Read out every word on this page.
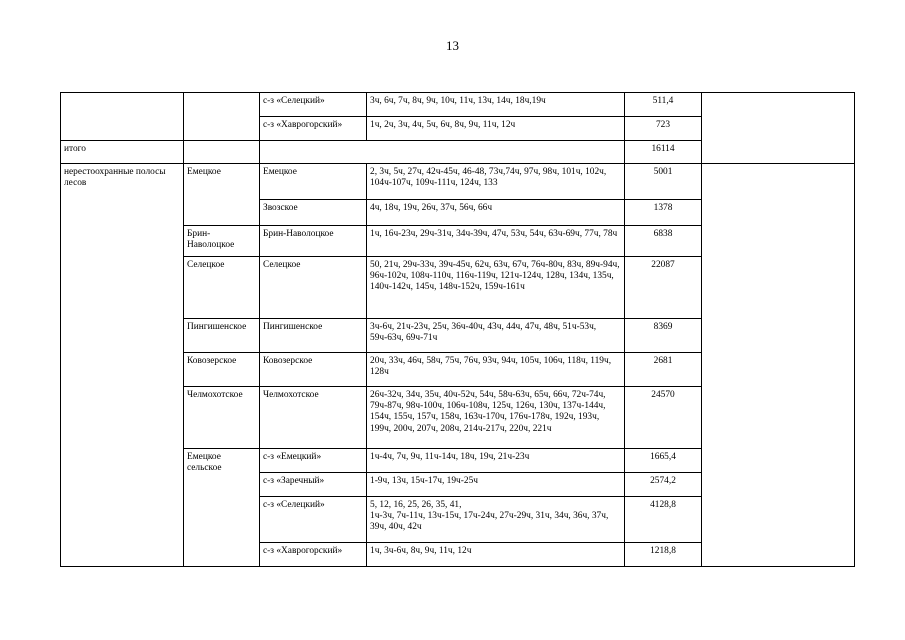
13
		с-з «Селецкий»	3ч, 6ч, 7ч, 8ч, 9ч, 10ч, 11ч, 13ч, 14ч, 18ч,19ч	511,4	
		с-з «Хаврогорский»	1ч, 2ч, 3ч, 4ч, 5ч, 6ч, 8ч, 9ч, 11ч, 12ч	723	
итого				16114	
нерестоохранные полосы лесов	Емецкое	Емецкое	2, 3ч, 5ч, 27ч, 42ч-45ч, 46-48, 73ч,74ч, 97ч, 98ч, 101ч, 102ч, 104ч-107ч, 109ч-111ч, 124ч, 133	5001	
		Звозское	4ч, 18ч, 19ч, 26ч, 37ч, 56ч, 66ч	1378	
	Брин-Наволоцкое	Брин-Наволоцкое	1ч, 16ч-23ч, 29ч-31ч, 34ч-39ч, 47ч, 53ч, 54ч, 63ч-69ч, 77ч, 78ч	6838	
	Селецкое	Селецкое	50, 21ч, 29ч-33ч, 39ч-45ч, 62ч, 63ч, 67ч, 76ч-80ч, 83ч, 89ч-94ч, 96ч-102ч, 108ч-110ч, 116ч-119ч, 121ч-124ч, 128ч, 134ч, 135ч, 140ч-142ч, 145ч, 148ч-152ч, 159ч-161ч	22087	
	Пингишенское	Пингишенское	3ч-6ч, 21ч-23ч, 25ч, 36ч-40ч, 43ч, 44ч, 47ч, 48ч, 51ч-53ч, 59ч-63ч, 69ч-71ч	8369	
	Ковозерское	Ковозерское	20ч, 33ч, 46ч, 58ч, 75ч, 76ч, 93ч, 94ч, 105ч, 106ч, 118ч, 119ч, 128ч	2681	
	Челмохотское	Челмохотское	26ч-32ч, 34ч, 35ч, 40ч-52ч, 54ч, 58ч-63ч, 65ч, 66ч, 72ч-74ч, 79ч-87ч, 98ч-100ч, 106ч-108ч, 125ч, 126ч, 130ч, 137ч-144ч, 154ч, 155ч, 157ч, 158ч, 163ч-170ч, 176ч-178ч, 192ч, 193ч, 199ч, 200ч, 207ч, 208ч, 214ч-217ч, 220ч, 221ч	24570	
	Емецкое сельское	с-з «Емецкий»	1ч-4ч, 7ч, 9ч, 11ч-14ч, 18ч, 19ч, 21ч-23ч	1665,4	
		с-з «Заречный»	1-9ч, 13ч, 15ч-17ч, 19ч-25ч	2574,2	
		с-з «Селецкий»	5, 12, 16, 25, 26, 35, 41,
1ч-3ч, 7ч-11ч, 13ч-15ч, 17ч-24ч, 27ч-29ч, 31ч, 34ч, 36ч, 37ч, 39ч, 40ч, 42ч	4128,8	
		с-з «Хаврогорский»	1ч, 3ч-6ч, 8ч, 9ч, 11ч, 12ч	1218,8	
